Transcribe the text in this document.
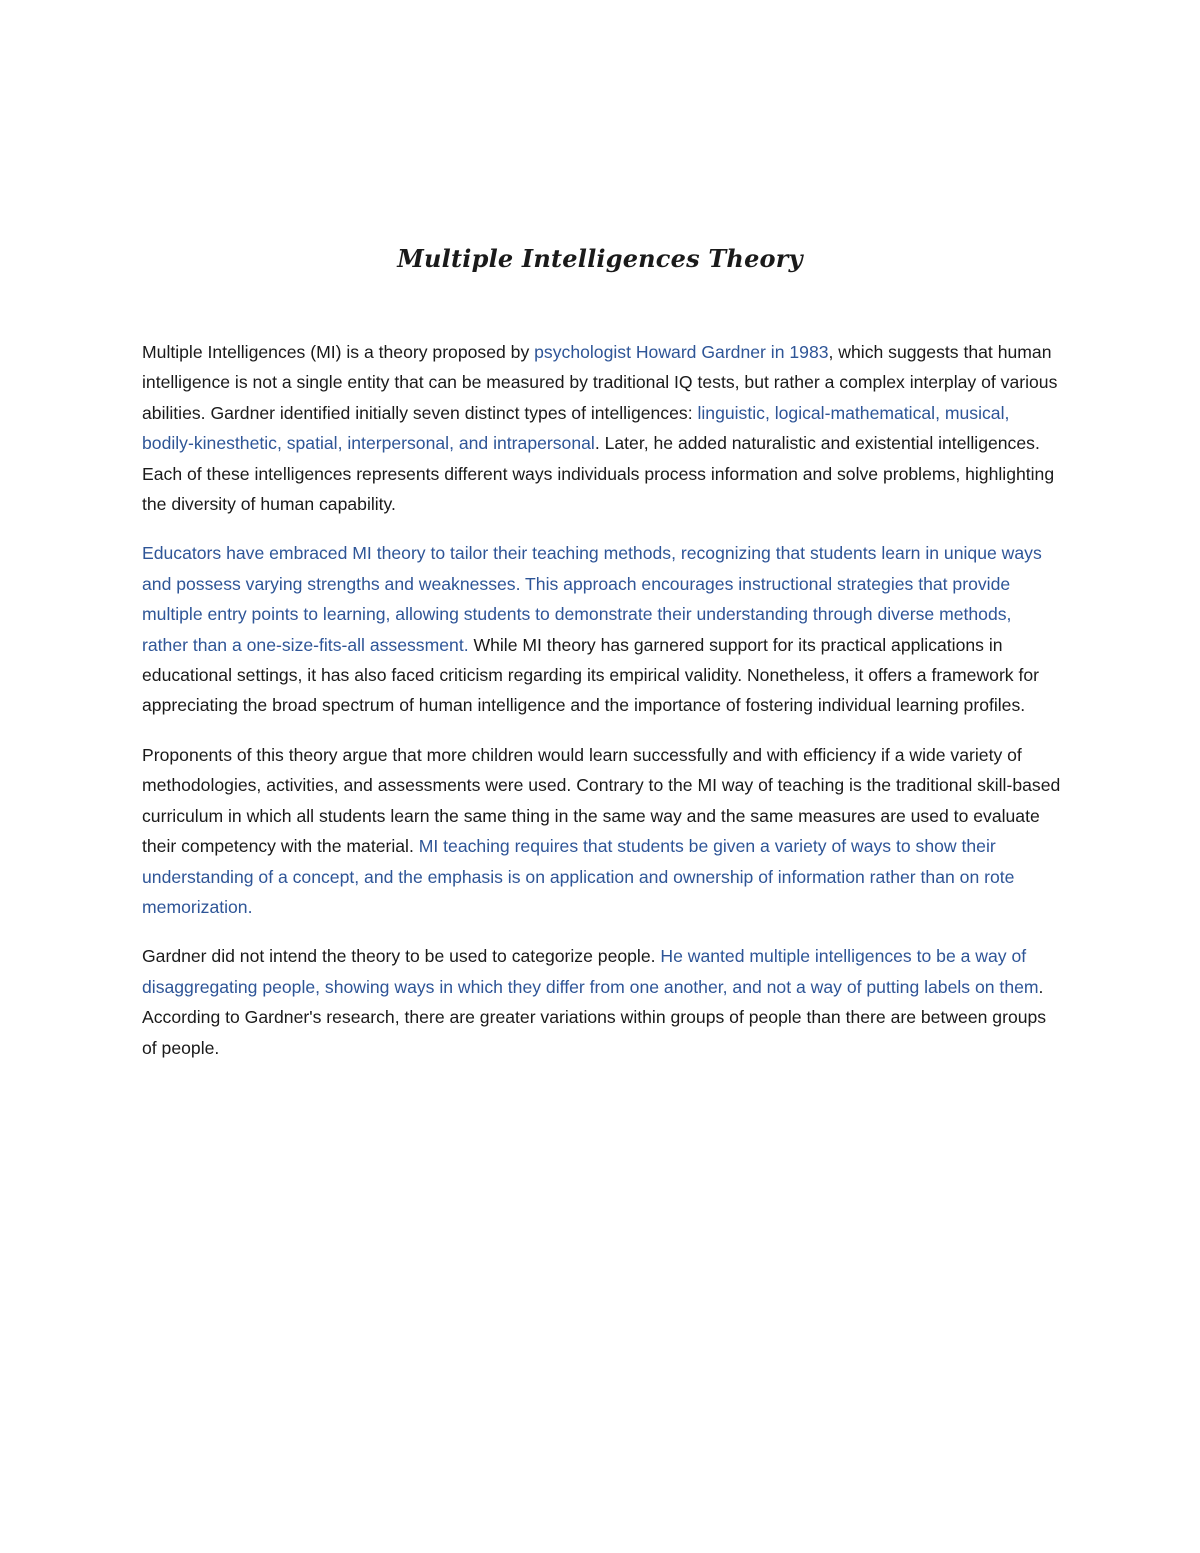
Multiple Intelligences Theory

Multiple Intelligences (MI) is a theory proposed by psychologist Howard Gardner in 1983, which suggests that human intelligence is not a single entity that can be measured by traditional IQ tests, but rather a complex interplay of various abilities. Gardner identified initially seven distinct types of intelligences: linguistic, logical-mathematical, musical, bodily-kinesthetic, spatial, interpersonal, and intrapersonal. Later, he added naturalistic and existential intelligences. Each of these intelligences represents different ways individuals process information and solve problems, highlighting the diversity of human capability.

Educators have embraced MI theory to tailor their teaching methods, recognizing that students learn in unique ways and possess varying strengths and weaknesses. This approach encourages instructional strategies that provide multiple entry points to learning, allowing students to demonstrate their understanding through diverse methods, rather than a one-size-fits-all assessment. While MI theory has garnered support for its practical applications in educational settings, it has also faced criticism regarding its empirical validity. Nonetheless, it offers a framework for appreciating the broad spectrum of human intelligence and the importance of fostering individual learning profiles.

Proponents of this theory argue that more children would learn successfully and with efficiency if a wide variety of methodologies, activities, and assessments were used. Contrary to the MI way of teaching is the traditional skill-based curriculum in which all students learn the same thing in the same way and the same measures are used to evaluate their competency with the material. MI teaching requires that students be given a variety of ways to show their understanding of a concept, and the emphasis is on application and ownership of information rather than on rote memorization.

Gardner did not intend the theory to be used to categorize people. He wanted multiple intelligences to be a way of disaggregating people, showing ways in which they differ from one another, and not a way of putting labels on them. According to Gardner's research, there are greater variations within groups of people than there are between groups of people.
